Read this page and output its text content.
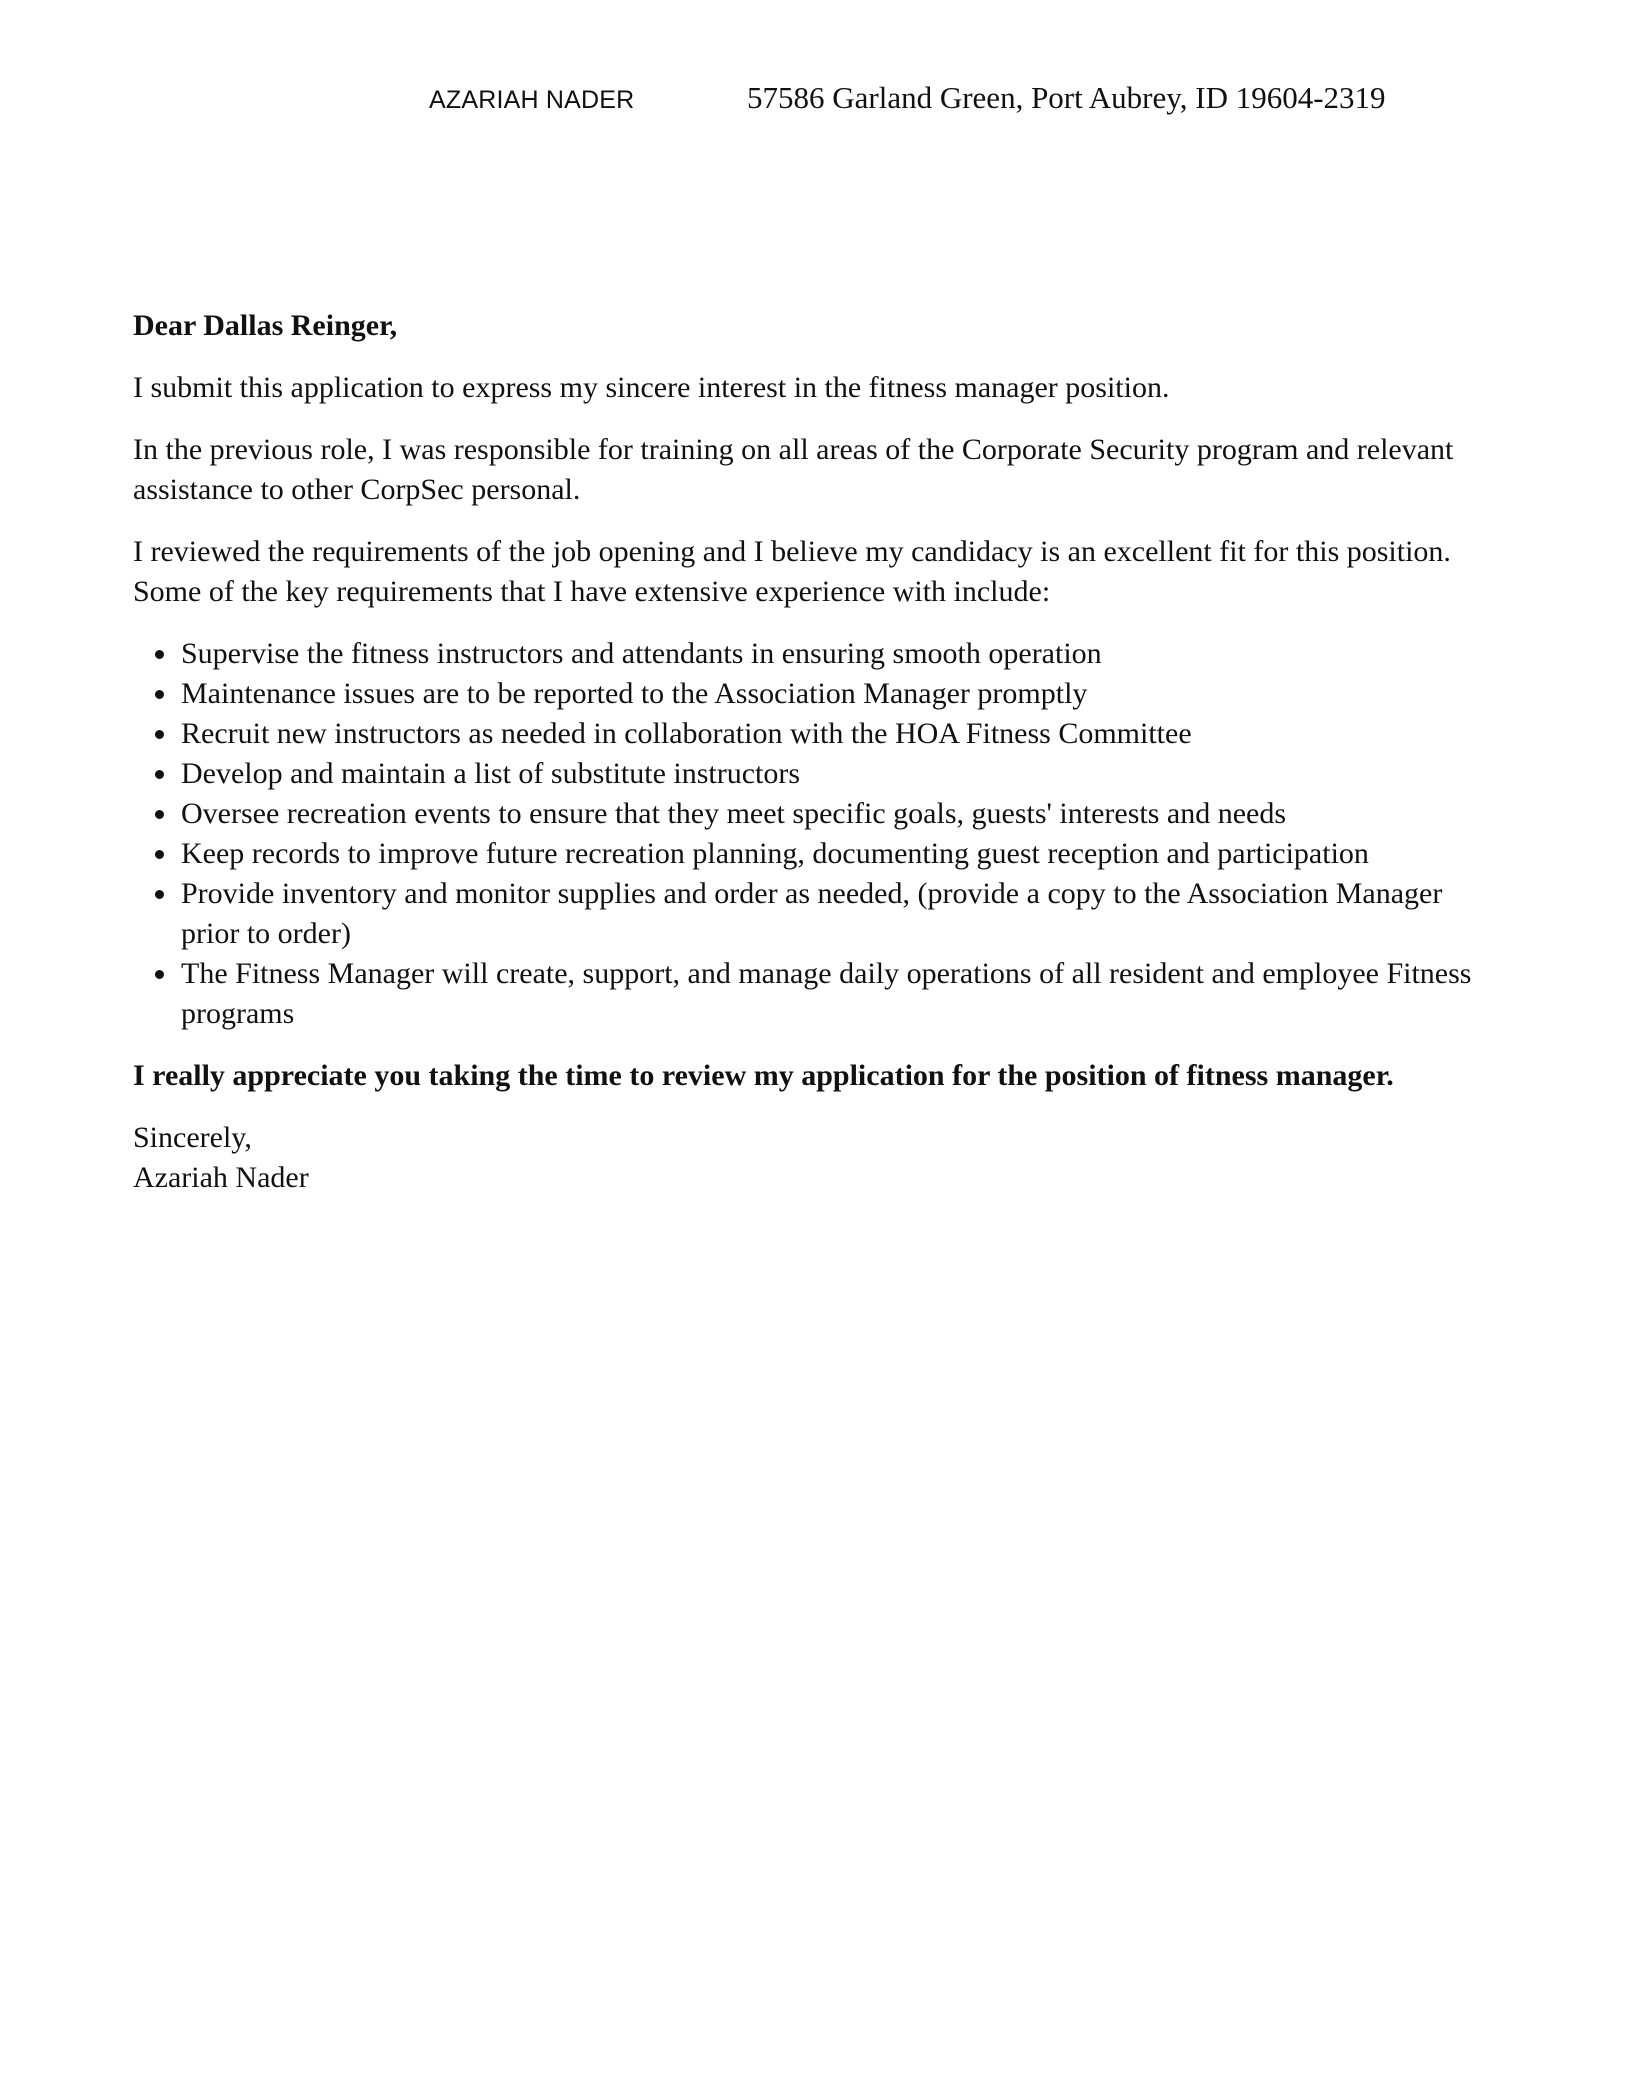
AZARIAH NADER	57586 Garland Green, Port Aubrey, ID 19604-2319

Dear Dallas Reinger,

I submit this application to express my sincere interest in the fitness manager position.

In the previous role, I was responsible for training on all areas of the Corporate Security program and relevant assistance to other CorpSec personal.

I reviewed the requirements of the job opening and I believe my candidacy is an excellent fit for this position. Some of the key requirements that I have extensive experience with include:

Supervise the fitness instructors and attendants in ensuring smooth operation
Maintenance issues are to be reported to the Association Manager promptly
Recruit new instructors as needed in collaboration with the HOA Fitness Committee
Develop and maintain a list of substitute instructors
Oversee recreation events to ensure that they meet specific goals, guests' interests and needs
Keep records to improve future recreation planning, documenting guest reception and participation
Provide inventory and monitor supplies and order as needed, (provide a copy to the Association Manager prior to order)
The Fitness Manager will create, support, and manage daily operations of all resident and employee Fitness programs

I really appreciate you taking the time to review my application for the position of fitness manager.

Sincerely,
Azariah Nader
